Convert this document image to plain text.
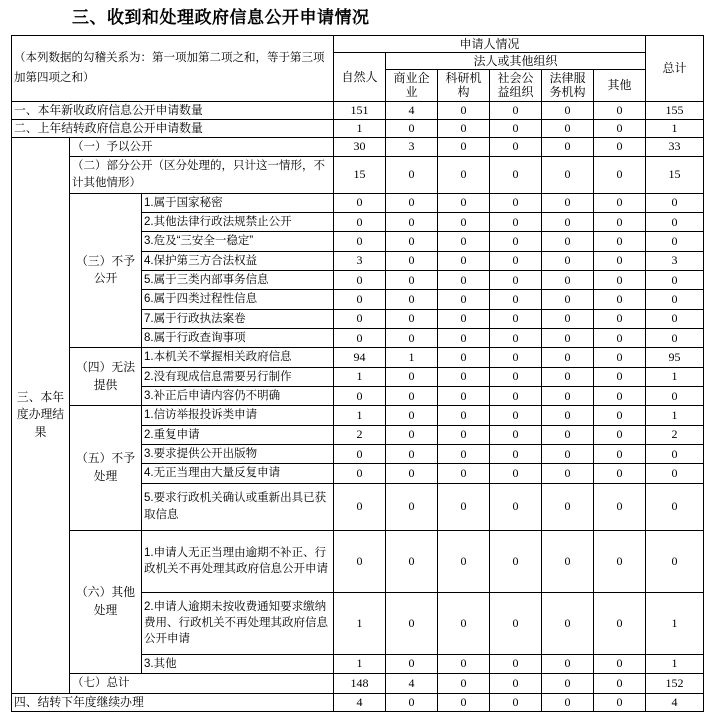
三、收到和处理政府信息公开申请情况
（本列数据的勾稽关系为：第一项加第二项之和，等于第三项加第四项之和）			申请人情况						总计
			自然人	法人或其他组织					
				商业企业	科研机构	社会公益组织	法律服务机构	其他	
一、本年新收政府信息公开申请数量			151	4	0	0	0	0	155
二、上年结转政府信息公开申请数量			1	0	0	0	0	0	1
三、本年度办理结果	（一）予以公开		30	3	0	0	0	0	33
	（二）部分公开（区分处理的，只计这一情形，不计其他情形）		15	0	0	0	0	0	15
	（三）不予公开	1.属于国家秘密	0	0	0	0	0	0	0
		2.其他法律行政法规禁止公开	0	0	0	0	0	0	0
		3.危及“三安全一稳定”	0	0	0	0	0	0	0
		4.保护第三方合法权益	3	0	0	0	0	0	3
		5.属于三类内部事务信息	0	0	0	0	0	0	0
		6.属于四类过程性信息	0	0	0	0	0	0	0
		7.属于行政执法案卷	0	0	0	0	0	0	0
		8.属于行政查询事项	0	0	0	0	0	0	0
	（四）无法提供	1.本机关不掌握相关政府信息	94	1	0	0	0	0	95
		2.没有现成信息需要另行制作	1	0	0	0	0	0	1
		3.补正后申请内容仍不明确	0	0	0	0	0	0	0
	（五）不予处理	1.信访举报投诉类申请	1	0	0	0	0	0	1
		2.重复申请	2	0	0	0	0	0	2
		3.要求提供公开出版物	0	0	0	0	0	0	0
		4.无正当理由大量反复申请	0	0	0	0	0	0	0
		5.要求行政机关确认或重新出具已获取信息	0	0	0	0	0	0	0
	（六）其他处理	1.申请人无正当理由逾期不补正、行政机关不再处理其政府信息公开申请	0	0	0	0	0	0	0
		2.申请人逾期未按收费通知要求缴纳费用、行政机关不再处理其政府信息公开申请	1	0	0	0	0	0	1
		3.其他	1	0	0	0	0	0	1
	（七）总计		148	4	0	0	0	0	152
四、结转下年度继续办理			4	0	0	0	0	0	4
